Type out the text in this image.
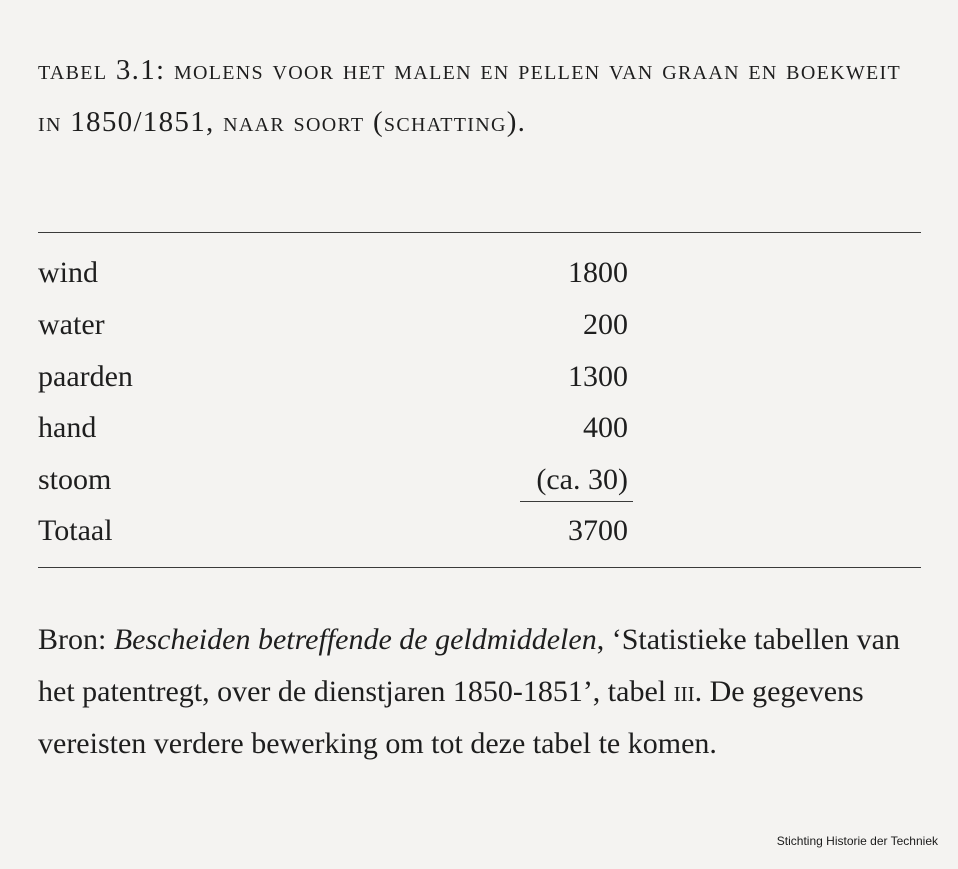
tabel 3.1: molens voor het malen en pellen van graan en boekweit in 1850/1851, naar soort (schatting).
wind	1800
water	200
paarden	1300
hand	400
stoom	(ca. 30)
Totaal	3700

Bron: Bescheiden betreffende de geldmiddelen, ‘Statistieke tabellen van het patentregt, over de dienstjaren 1850-1851’, tabel iii. De gegevens vereisten verdere bewerking om tot deze tabel te komen.

Stichting Historie der Techniek
